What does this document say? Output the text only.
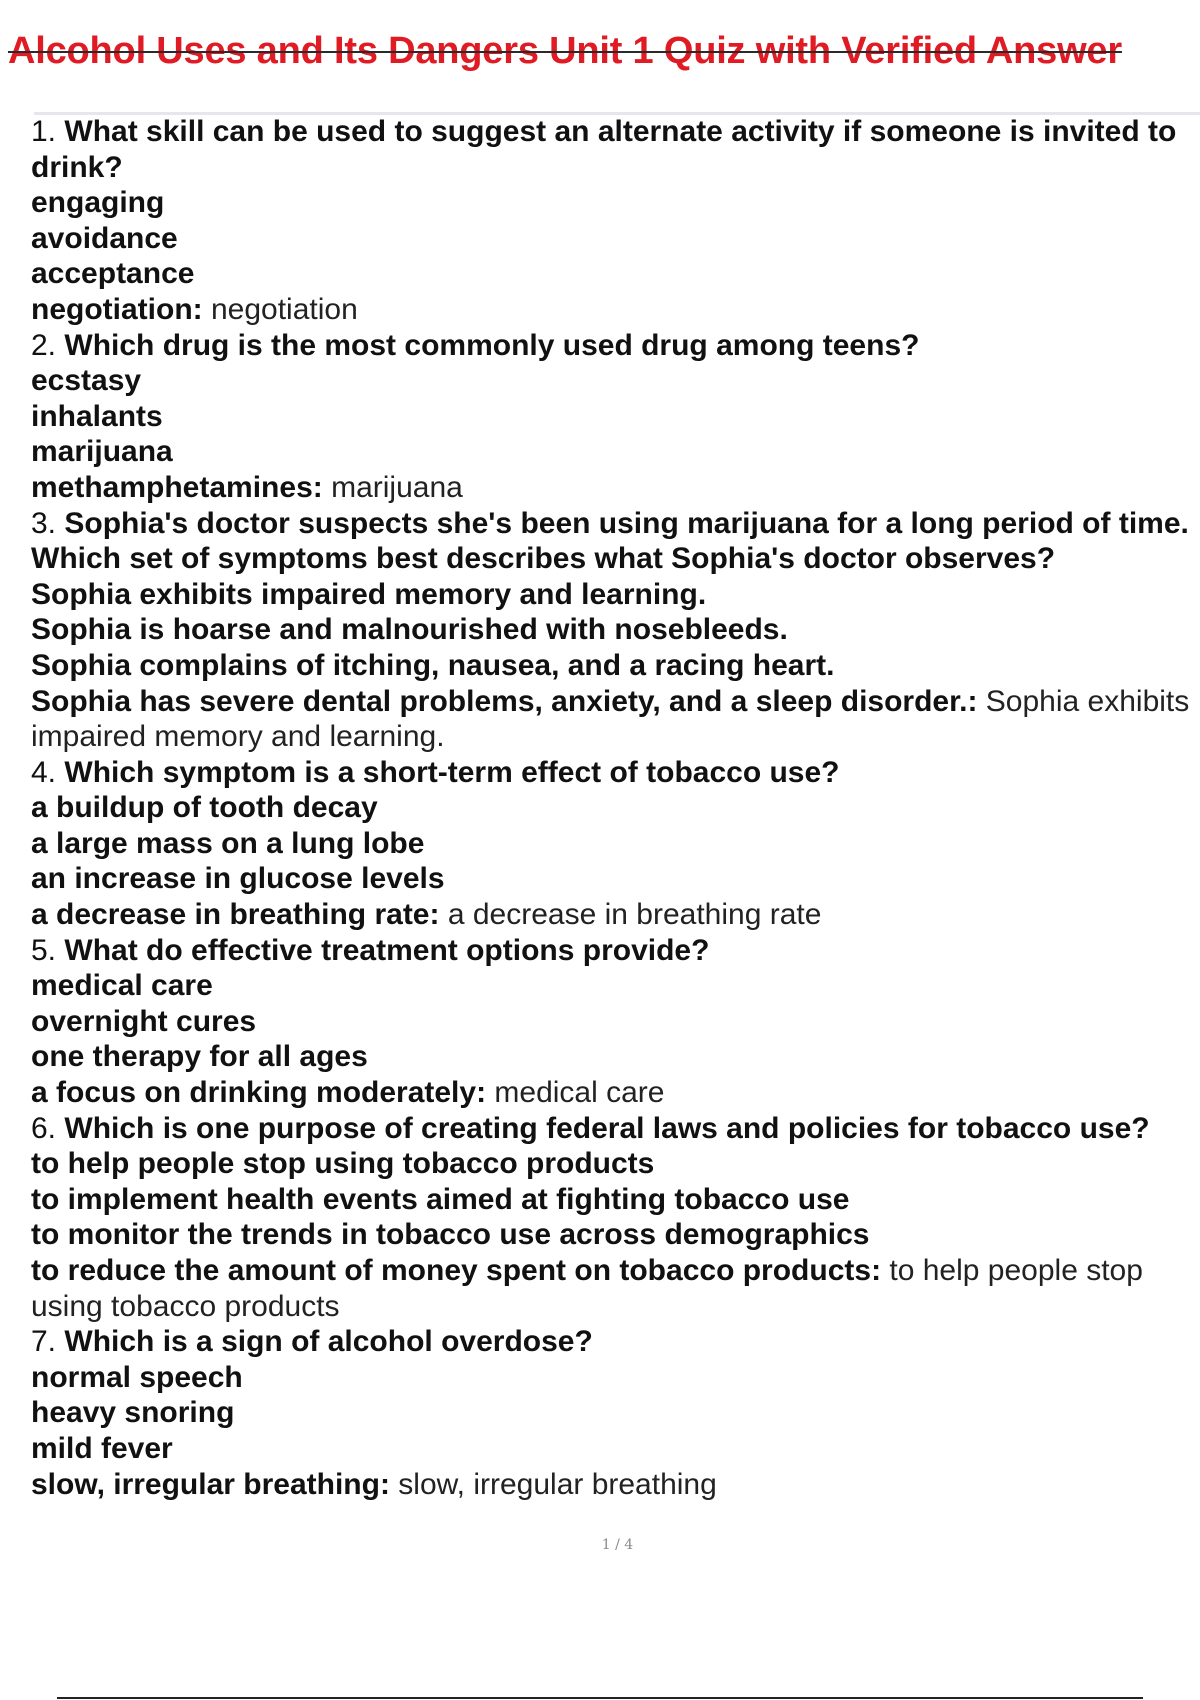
Alcohol Uses and Its Dangers Unit 1 Quiz with Verified Answer
1. What skill can be used to suggest an alternate activity if someone is invited to drink?
engaging
avoidance
acceptance
negotiation: negotiation
2. Which drug is the most commonly used drug among teens?
ecstasy
inhalants
marijuana
methamphetamines: marijuana
3. Sophia's doctor suspects she's been using marijuana for a long period of time. Which set of symptoms best describes what Sophia's doctor observes?
Sophia exhibits impaired memory and learning.
Sophia is hoarse and malnourished with nosebleeds.
Sophia complains of itching, nausea, and a racing heart.
Sophia has severe dental problems, anxiety, and a sleep disorder.: Sophia exhibits impaired memory and learning.
4. Which symptom is a short-term effect of tobacco use?
a buildup of tooth decay
a large mass on a lung lobe
an increase in glucose levels
a decrease in breathing rate: a decrease in breathing rate
5. What do effective treatment options provide?
medical care
overnight cures
one therapy for all ages
a focus on drinking moderately: medical care
6. Which is one purpose of creating federal laws and policies for tobacco use?
to help people stop using tobacco products
to implement health events aimed at fighting tobacco use
to monitor the trends in tobacco use across demographics
to reduce the amount of money spent on tobacco products: to help people stop using tobacco products
7. Which is a sign of alcohol overdose?
normal speech
heavy snoring
mild fever
slow, irregular breathing: slow, irregular breathing
1 / 4
